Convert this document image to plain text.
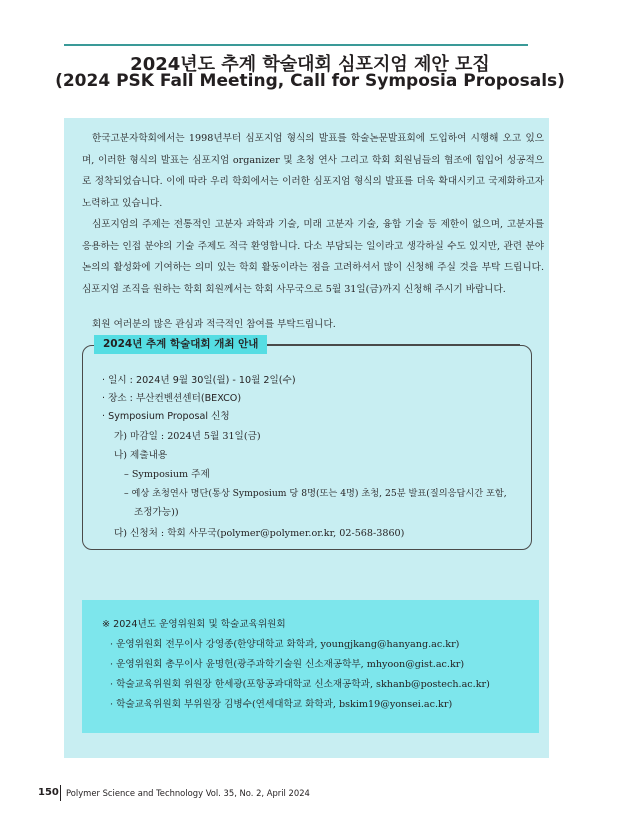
2024년도 추계 학술대회 심포지엄 제안 모집
(2024 PSK Fall Meeting, Call for Symposia Proposals)

한국고분자학회에서는 1998년부터 심포지엄 형식의 발표를 학술논문발표회에 도입하여 시행해 오고 있으며, 이러한 형식의 발표는 심포지엄 organizer 및 초청 연사 그리고 학회 회원님들의 협조에 힘입어 성공적으로 정착되었습니다. 이에 따라 우리 학회에서는 이러한 심포지엄 형식의 발표를 더욱 확대시키고 국제화하고자 노력하고 있습니다.

심포지엄의 주제는 전통적인 고분자 과학과 기술, 미래 고분자 기술, 융합 기술 등 제한이 없으며, 고분자를 응용하는 인접 분야의 기술 주제도 적극 환영합니다. 다소 부담되는 일이라고 생각하실 수도 있지만, 관련 분야 논의의 활성화에 기여하는 의미 있는 학회 활동이라는 점을 고려하셔서 많이 신청해 주실 것을 부탁 드립니다. 심포지엄 조직을 원하는 학회 회원께서는 학회 사무국으로 5월 31일(금)까지 신청해 주시기 바랍니다.

회원 여러분의 많은 관심과 적극적인 참여를 부탁드립니다.

2024년 추계 학술대회 개최 안내
· 일시 : 2024년 9월 30일(월) - 10월 2일(수)
· 장소 : 부산컨벤션센터(BEXCO)
· Symposium Proposal 신청
가) 마감일 : 2024년 5월 31일(금)
나) 제출내용
– Symposium 주제
– 예상 초청연사 명단(통상 Symposium 당 8명(또는 4명) 초청, 25분 발표(질의응답시간 포함,
조정가능))
다) 신청처 : 학회 사무국(polymer@polymer.or.kr, 02-568-3860)
※ 2024년도 운영위원회 및 학술교육위원회
· 운영위원회 전무이사 강영종(한양대학교 화학과, youngjkang@hanyang.ac.kr)
· 운영위원회 총무이사 윤명헌(광주과학기술원 신소재공학부, mhyoon@gist.ac.kr)
· 학술교육위원회 위원장 한세광(포항공과대학교 신소재공학과, skhanb@postech.ac.kr)
· 학술교육위원회 부위원장 김병수(연세대학교 화학과, bskim19@yonsei.ac.kr)
150 Polymer Science and Technology Vol. 35, No. 2, April 2024
